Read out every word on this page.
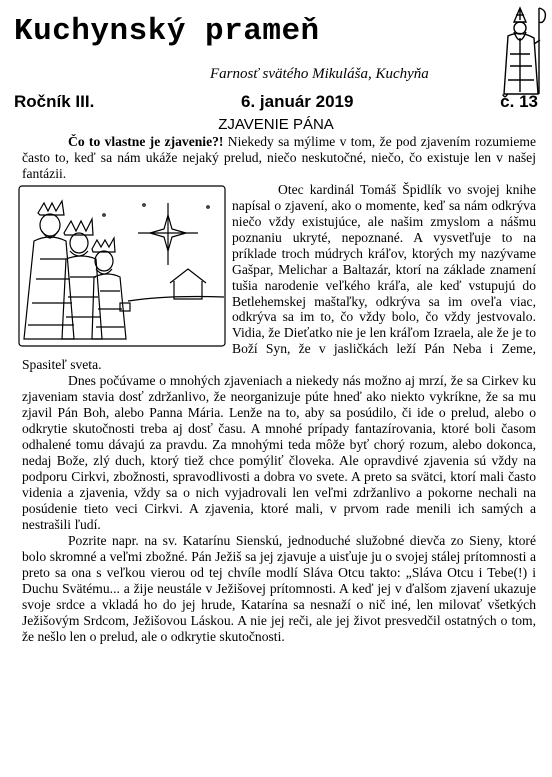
Kuchynský prameň
Farnosť svätého Mikuláša, Kuchyňa
Ročník III.	6. január 2019	č. 13
ZJAVENIE PÁNA

Čo to vlastne je zjavenie?! Niekedy sa mýlime v tom, že pod zjavením rozumieme často to, keď sa nám ukáže nejaký prelud, niečo neskutočné, niečo, čo existuje len v našej fantázii.

Otec kardinál Tomáš Špidlík vo svojej knihe napísal o zjavení, ako o momente, keď sa nám odkrýva niečo vždy existujúce, ale našim zmyslom a nášmu poznaniu ukryté, nepoznané. A vysvetľuje to na príklade troch múdrych kráľov, ktorých my nazývame Gašpar, Melichar a Baltazár, ktorí na základe znamení tušia narodenie veľkého kráľa, ale keď vstupujú do Betlehemskej maštaľky, odkrýva sa im oveľa viac, odkrýva sa im to, čo vždy bolo, čo vždy jestvovalo. Vidia, že Dieťatko nie je len kráľom Izraela, ale že je to Boží Syn, že v jasličkách leží Pán Neba i Zeme, Spasiteľ sveta.

Dnes počúvame o mnohých zjaveniach a niekedy nás možno aj mrzí, že sa Cirkev ku zjaveniam stavia dosť zdržanlivo, že neorganizuje púte hneď ako niekto vykríkne, že sa mu zjavil Pán Boh, alebo Panna Mária. Lenže na to, aby sa posúdilo, či ide o prelud, alebo o odkrytie skutočnosti treba aj dosť času. A mnohé prípady fantazírovania, ktoré boli časom odhalené tomu dávajú za pravdu. Za mnohými teda môže byť chorý rozum, alebo dokonca, nedaj Bože, zlý duch, ktorý tiež chce pomýliť človeka. Ale opravdivé zjavenia sú vždy na podporu Cirkvi, zbožnosti, spravodlivosti a dobra vo svete. A preto sa svätci, ktorí mali často videnia a zjavenia, vždy sa o nich vyjadrovali len veľmi zdržanlivo a pokorne nechali na posúdenie tieto veci Cirkvi. A zjavenia, ktoré mali, v prvom rade menili ich samých a nestrašili ľudí.

Pozrite napr. na sv. Katarínu Sienskú, jednoduché služobné dievča zo Sieny, ktoré bolo skromné a veľmi zbožné. Pán Ježiš sa jej zjavuje a uisťuje ju o svojej stálej prítomnosti a preto sa ona s veľkou vierou od tej chvíle modlí Sláva Otcu takto: „Sláva Otcu i Tebe(!) i Duchu Svätému... a žije neustále v Ježišovej prítomnosti. A keď jej v ďalšom zjavení ukazuje svoje srdce a vkladá ho do jej hrude, Katarína sa nesnaží o nič iné, len milovať všetkých Ježišovým Srdcom, Ježišovou Láskou. A nie jej reči, ale jej život presvedčil ostatných o tom, že nešlo len o prelud, ale o odkrytie skutočnosti.
